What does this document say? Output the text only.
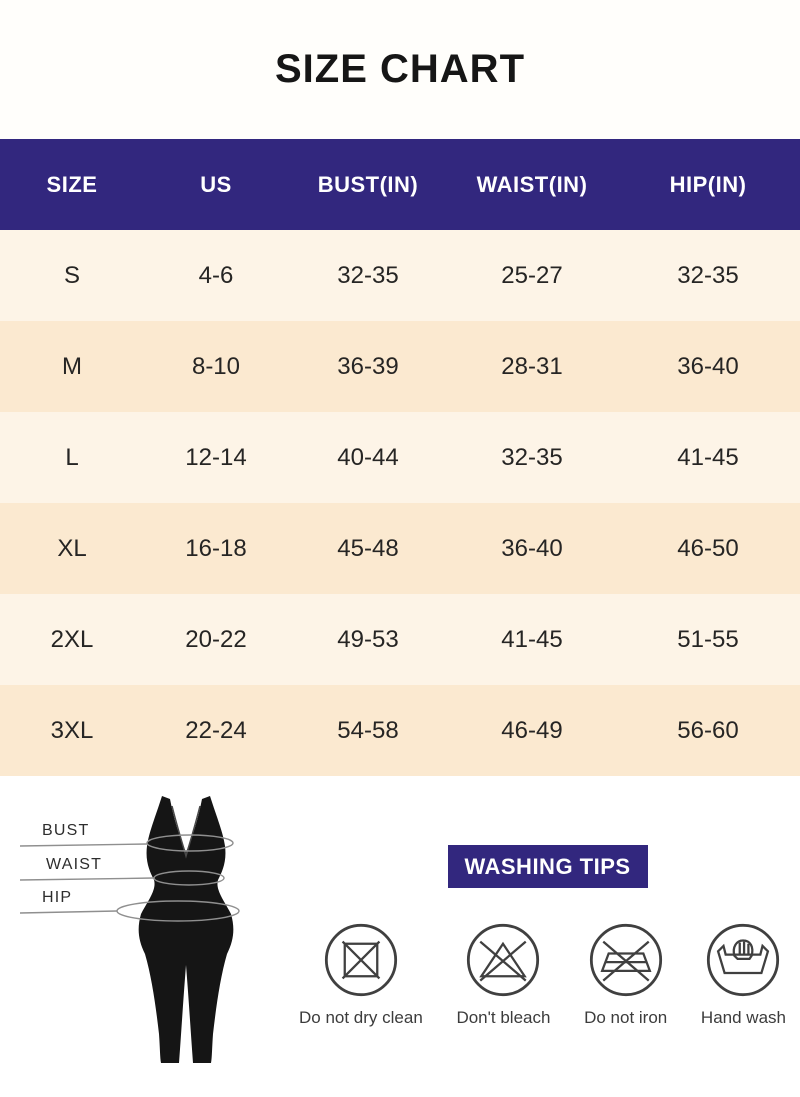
SIZE CHART
SIZE	US	BUST(IN)	WAIST(IN)	HIP(IN)
S	4-6	32-35	25-27	32-35
M	8-10	36-39	28-31	36-40
L	12-14	40-44	32-35	41-45
XL	16-18	45-48	36-40	46-50
2XL	20-22	49-53	41-45	51-55
3XL	22-24	54-58	46-49	56-60
BUST
WAIST
HIP
WASHING TIPS
Do not dry clean Don't bleach Do not iron Hand wash
